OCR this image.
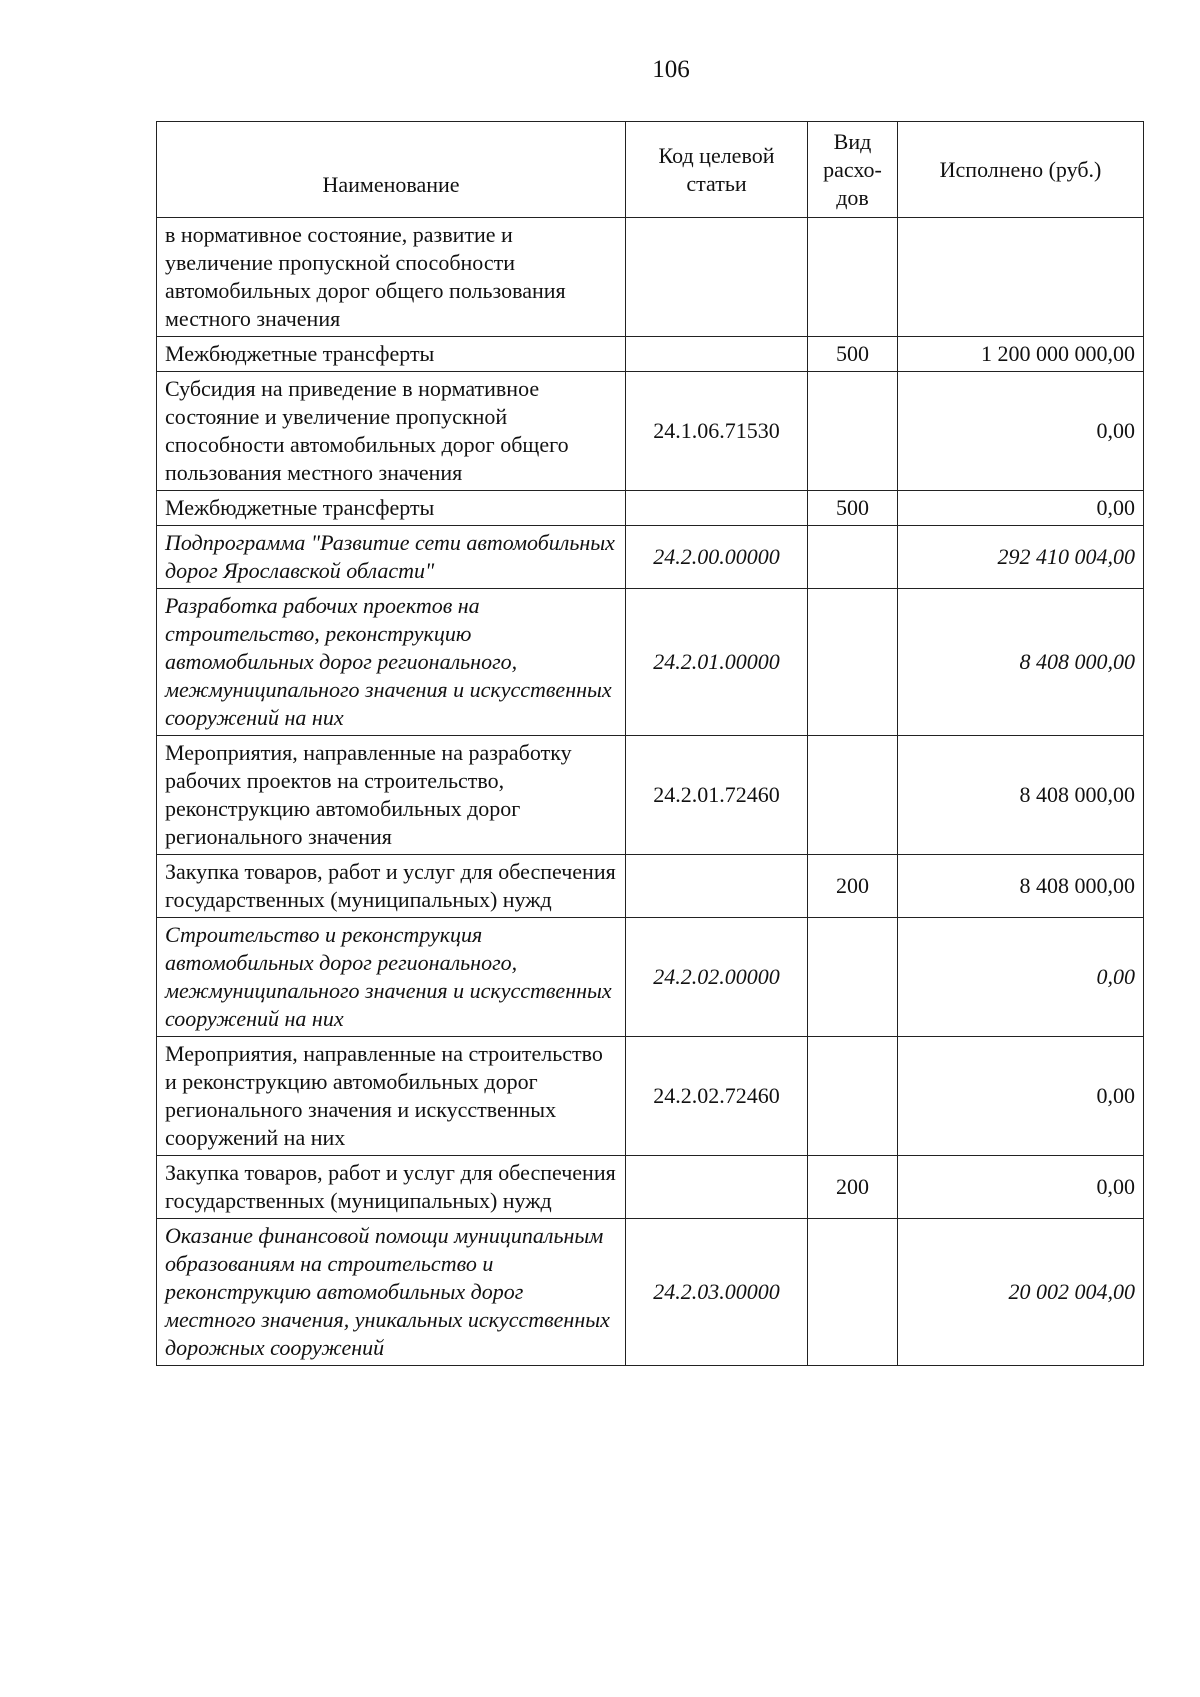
106
Наименование	Код целевой статьи	Вид расхо-дов	Исполнено (руб.)
в нормативное состояние, развитие и увеличение пропускной способности автомобильных дорог общего пользования местного значения			
Межбюджетные трансферты		500	1 200 000 000,00
Субсидия на приведение в нормативное состояние и увеличение пропускной способности автомобильных дорог общего пользования местного значения	24.1.06.71530		0,00
Межбюджетные трансферты		500	0,00
Подпрограмма "Развитие сети автомобильных дорог Ярославской области"	24.2.00.00000		292 410 004,00
Разработка рабочих проектов на строительство, реконструкцию автомобильных дорог регионального, межмуниципального значения и искусственных сооружений на них	24.2.01.00000		8 408 000,00
Мероприятия, направленные на разработку рабочих проектов на строительство, реконструкцию автомобильных дорог регионального значения	24.2.01.72460		8 408 000,00
Закупка товаров, работ и услуг для обеспечения государственных (муниципальных) нужд		200	8 408 000,00
Строительство и реконструкция автомобильных дорог регионального, межмуниципального значения и искусственных сооружений на них	24.2.02.00000		0,00
Мероприятия, направленные на строительство и реконструкцию автомобильных дорог регионального значения и искусственных сооружений на них	24.2.02.72460		0,00
Закупка товаров, работ и услуг для обеспечения государственных (муниципальных) нужд		200	0,00
Оказание финансовой помощи муниципальным образованиям на строительство и реконструкцию автомобильных дорог местного значения, уникальных искусственных дорожных сооружений	24.2.03.00000		20 002 004,00
